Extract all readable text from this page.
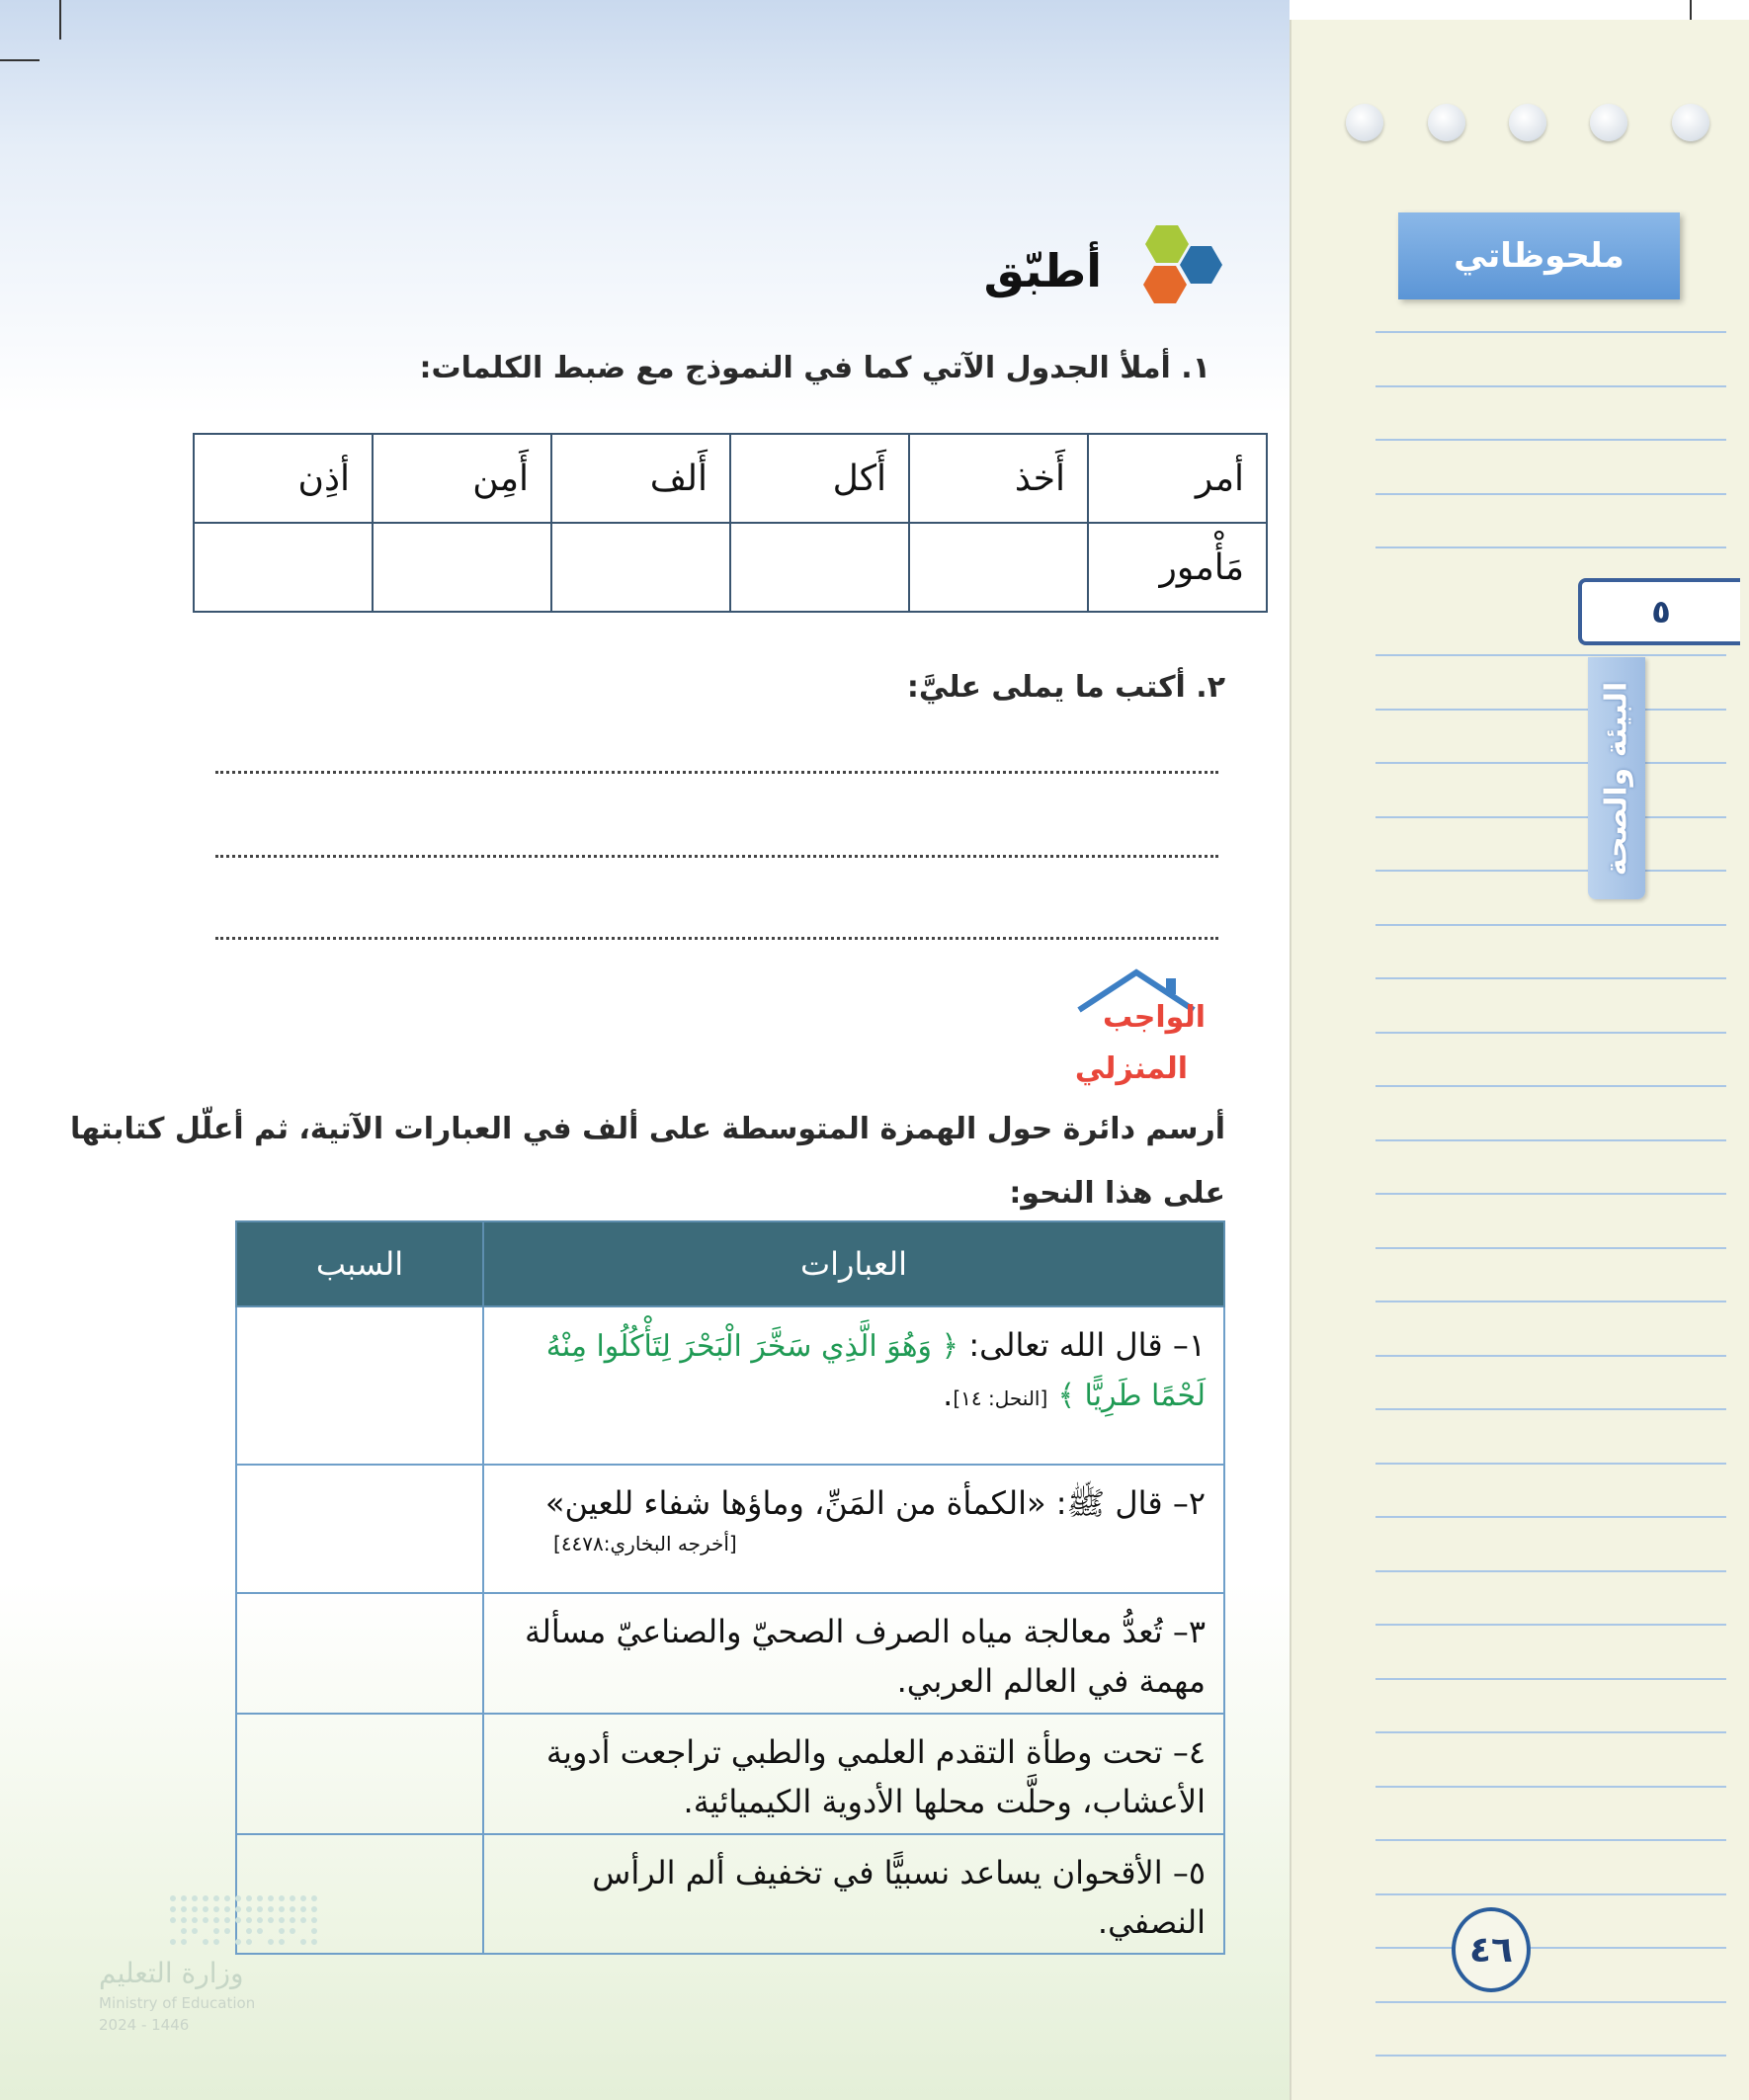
ملحوظاتي
٥
البيئة والصحة
٤٦
أطبّق
١. أملأ الجدول الآتي كما في النموذج مع ضبط الكلمات:
أمر	أَخذ	أَكل	أَلف	أَمِن	أذِن
مَأْمور					
٢. أكتب ما يملى عليَّ:
الواجب
المنزلي
أرسم دائرة حول الهمزة المتوسطة على ألف في العبارات الآتية، ثم أعلّل كتابتها
على هذا النحو:
العبارات	السبب
١– قال الله تعالى: ﴿ وَهُوَ الَّذِي سَخَّرَ الْبَحْرَ لِتَأْكُلُوا مِنْهُ لَحْمًا طَرِيًّا ﴾ [النحل: ١٤].	

٢– قال ﷺ: «الكمأة من المَنِّ، وماؤها شفاء للعين»
[أخرجه البخاري:٤٤٧٨]	

٣– تُعدُّ معالجة مياه الصرف الصحيّ والصناعيّ مسألة مهمة في العالم العربي.	
٤– تحت وطأة التقدم العلمي والطبي تراجعت أدوية الأعشاب، وحلَّت محلها الأدوية الكيميائية.	
٥– الأقحوان يساعد نسبيًّا في تخفيف ألم الرأس النصفي.	
وزارة التعليم
Ministry of Education
2024 - 1446
